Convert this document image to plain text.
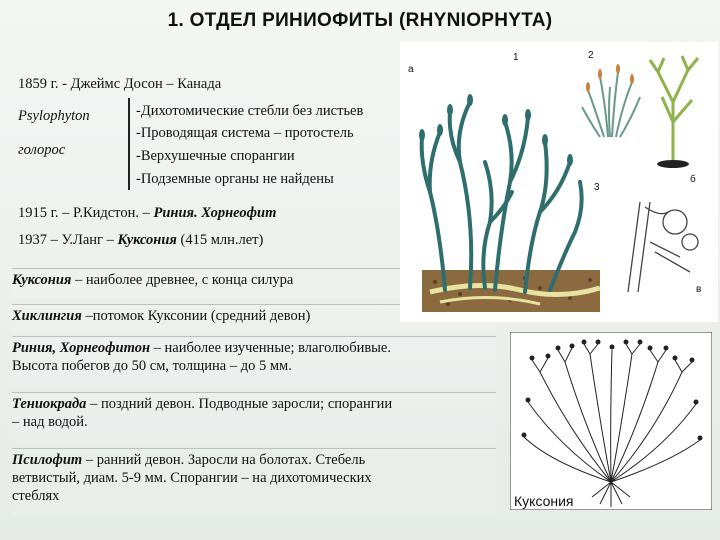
1. ОТДЕЛ РИНИОФИТЫ (RHYNIOPHYTA)
1859 г. - Джеймс Досон – Канада
Psylophyton
голорос
-Дихотомические стебли без листьев
-Проводящая система – протостель
-Верхушечные спорангии
-Подземные органы не найдены
1915 г. – Р.Кидстон. – Риния. Хорнеофит
1937 – У.Ланг – Куксония (415 млн.лет)
Куксония – наиболее древнее, с конца силура
Хиклингия –потомок Куксонии (средний девон)
Риния, Хорнеофитон – наиболее изученные; влаголюбивые.
Высота побегов до 50 см, толщина – до 5 мм.
Тениокрада – поздний девон. Подводные заросли; спорангии
– над водой.
Псилофит – ранний девон. Заросли на болотах. Стебель
ветвистый, диам. 5-9 мм. Спорангии – на дихотомических
стеблях
а
1	2
3
б
в
Куксония
